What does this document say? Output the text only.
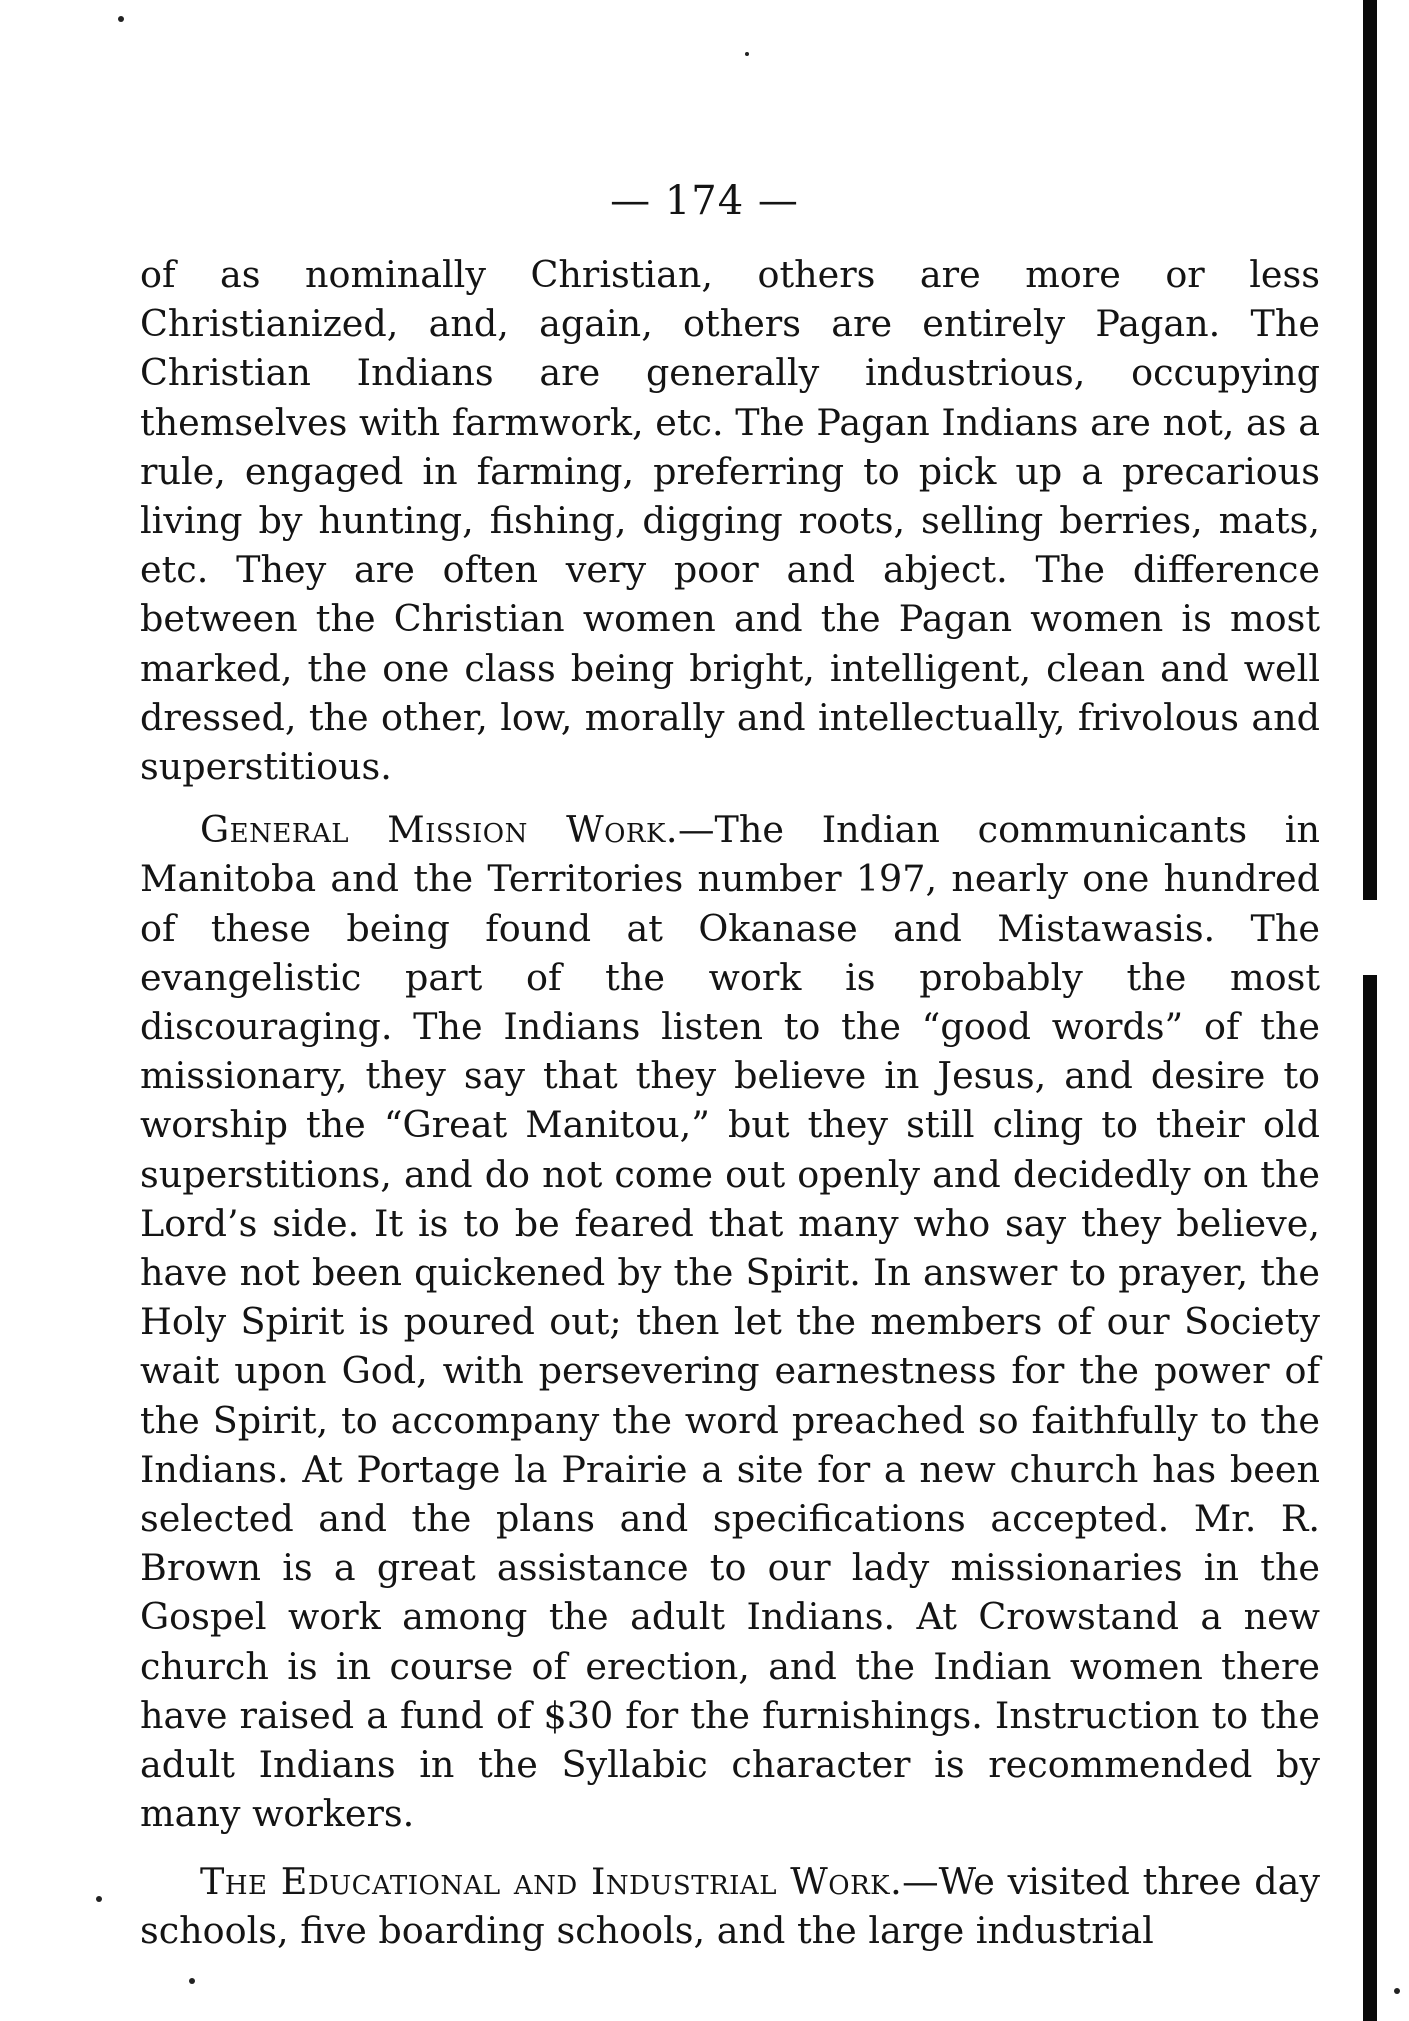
— 174 —

of as nominally Christian, others are more or less Christianized, and, again, others are entirely Pagan. The Christian Indians are generally industrious, occupying themselves with farmwork, etc. The Pagan Indians are not, as a rule, engaged in farming, preferring to pick up a precarious living by hunting, fishing, digging roots, selling berries, mats, etc. They are often very poor and abject. The difference between the Christian women and the Pagan women is most marked, the one class being bright, intelligent, clean and well dressed, the other, low, morally and intellectually, frivolous and superstitious.

General Mission Work.—The Indian communicants in Manitoba and the Territories number 197, nearly one hundred of these being found at Okanase and Mistawasis. The evangelistic part of the work is probably the most discouraging. The Indians listen to the “good words” of the missionary, they say that they believe in Jesus, and desire to worship the “Great Manitou,” but they still cling to their old superstitions, and do not come out openly and decidedly on the Lord’s side. It is to be feared that many who say they believe, have not been quickened by the Spirit. In answer to prayer, the Holy Spirit is poured out; then let the members of our Society wait upon God, with persevering earnestness for the power of the Spirit, to accompany the word preached so faithfully to the Indians. At Portage la Prairie a site for a new church has been selected and the plans and specifications accepted. Mr. R. Brown is a great assistance to our lady missionaries in the Gospel work among the adult Indians. At Crowstand a new church is in course of erection, and the Indian women there have raised a fund of $30 for the furnishings. Instruction to the adult Indians in the Syllabic character is recommended by many workers.

The Educational and Industrial Work.—We visited three day schools, five boarding schools, and the large industrial
